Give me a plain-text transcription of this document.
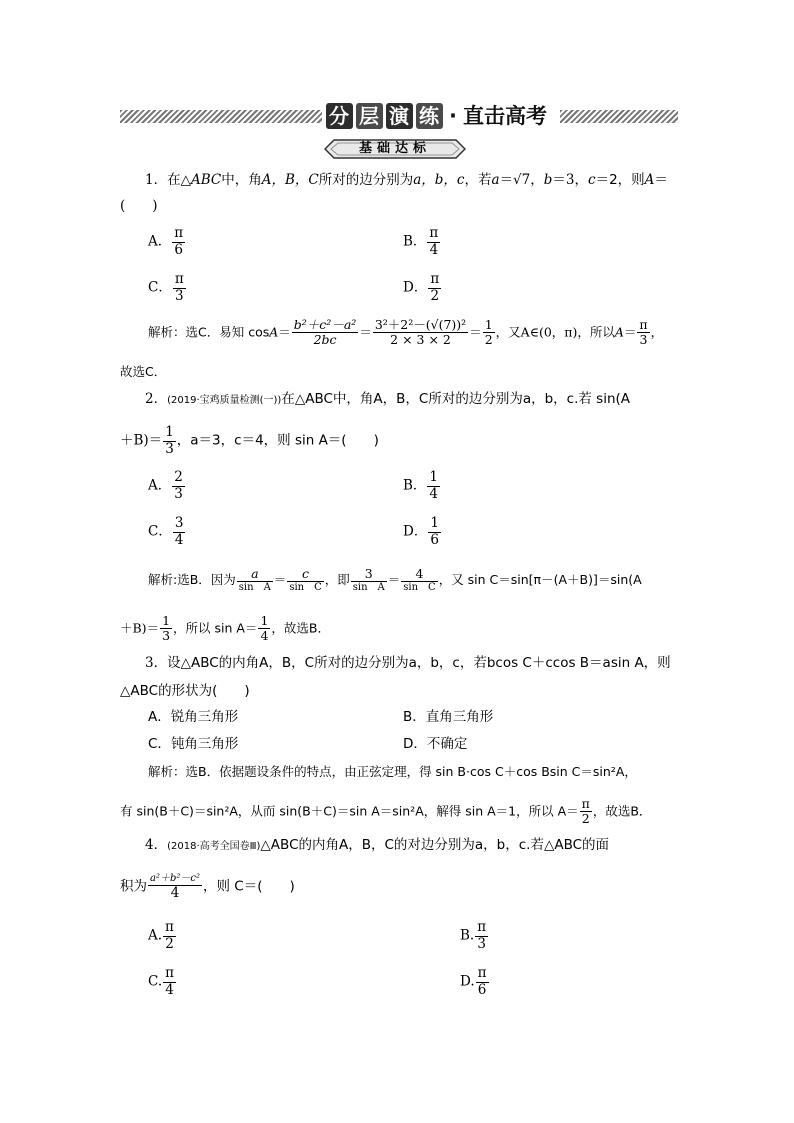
分 层 演 练 · 直击高考
基础达标
1．在△ABC中，角A，B，C所对的边分别为a，b，c，若a＝√7，b＝3，c＝2，则A＝
(　　)
A． $\frac{\pi}{6}$	B． $\frac{\pi}{4}$
C． $\frac{\pi}{3}$	D． $\frac{\pi}{2}$
解析：选C．易知 $\cos A= \frac{\text{b²＋c²－a²}}{2bc} = \frac{\text{3²＋2²－(√(7))²}}{2 \times 3 \times 2} = \frac{1}{2}$ ，又A∈(0，π)，所以$A= \frac{\pi}{3}$ ，
故选C．
2．(2019·宝鸡质量检测(一))在△ABC中，角A，B，C所对的边分别为a，b，c.若 sin(A
$+B)= \frac{1}{3}$ ，a＝3，c＝4，则 sin A＝(　　)
A． $\frac{2}{3}$	B． $\frac{1}{4}$
C． $\frac{3}{4}$	D． $\frac{1}{6}$
解析:选B．因为 $\frac{a}{\text{sin　A}} = \frac{c}{\text{sin　C}}$ ，即 $\frac{3}{\text{sin　A}} = \frac{4}{\text{sin　C}}$ ，又 sin C＝sin[π－(A＋B)]＝sin(A
$+B)= \frac{1}{3}$ ，所以 $\sin A= \frac{1}{4}$ ，故选B．
3．设△ABC的内角A，B，C所对的边分别为a，b，c，若bcos C＋ccos B＝asin A，则
△ABC的形状为(　　)
A．锐角三角形	B．直角三角形
C．钝角三角形	D．不确定
解析：选B．依据题设条件的特点，由正弦定理，得 sin B·cos C＋cos Bsin C＝sin²A，
有 sin(B＋C)＝sin²A，从而 sin(B＋C)＝sin A＝sin²A，解得 sin A＝1，所以 $A= \frac{\pi}{2}$ ，故选B．
4．(2018·高考全国卷Ⅲ)△ABC的内角A，B，C的对边分别为a，b，c.若△ABC的面
积为 $\frac{\text{a²＋b²－c²}}{4}$ ，则 C＝(　　)
A. $\frac{\pi}{2}$	B. $\frac{\pi}{3}$
C. $\frac{\pi}{4}$	D. $\frac{\pi}{6}$
